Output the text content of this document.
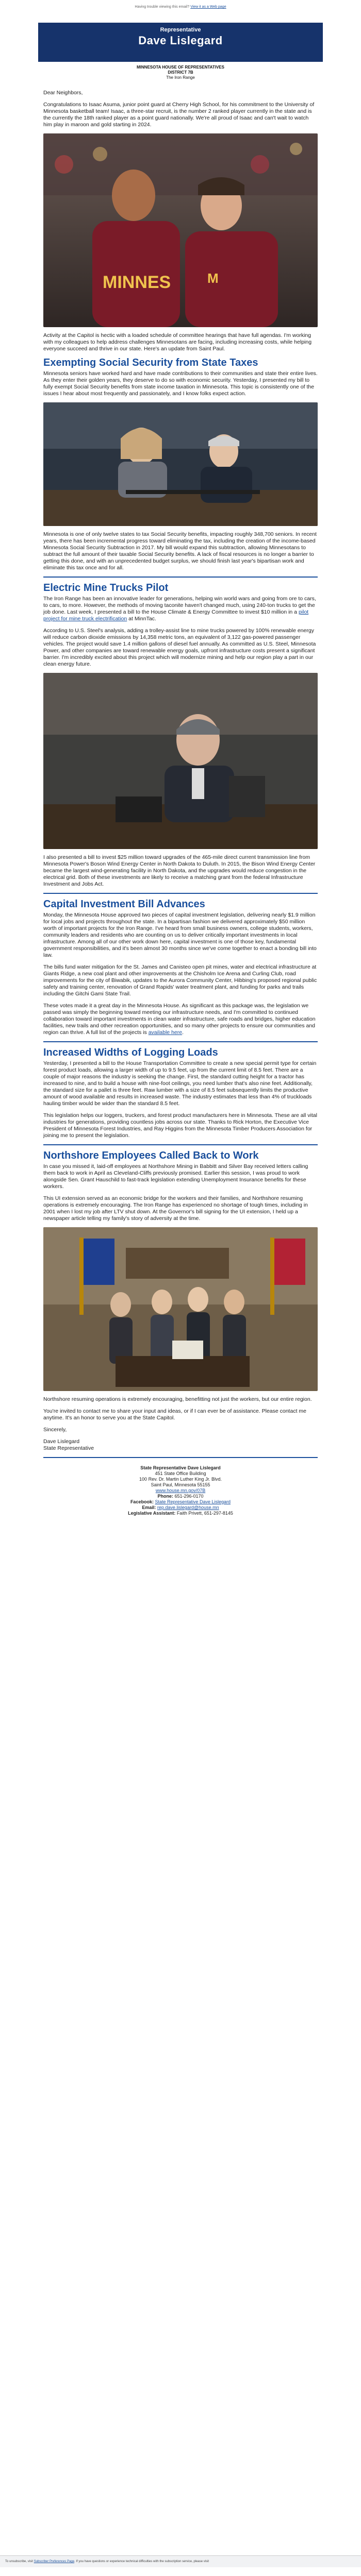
Having trouble viewing this email? View it as a Web page
Representative
Dave Lislegard
MINNESOTA HOUSE OF REPRESENTATIVES
DISTRICT 7B
The Iron Range

Dear Neighbors,

Congratulations to Isaac Asuma, junior point guard at Cherry High School, for his commitment to the University of Minnesota basketball team! Isaac, a three-star recruit, is the number 2 ranked player currently in the state and is the currently the 18th ranked player as a point guard nationally. We're all proud of Isaac and can't wait to watch him play in maroon and gold starting in 2024.

MINNES	M

Activity at the Capitol is hectic with a loaded schedule of committee hearings that have full agendas. I'm working with my colleagues to help address challenges Minnesotans are facing, including increasing costs, while helping everyone succeed and thrive in our state. Here's an update from Saint Paul.

Exempting Social Security from State Taxes

Minnesota seniors have worked hard and have made contributions to their communities and state their entire lives. As they enter their golden years, they deserve to do so with economic security. Yesterday, I presented my bill to fully exempt Social Security benefits from state income taxation in Minnesota. This topic is consistently one of the issues I hear about most frequently and passionately, and I know folks expect action.

Minnesota is one of only twelve states to tax Social Security benefits, impacting roughly 348,700 seniors. In recent years, there has been incremental progress toward eliminating the tax, including the creation of the income-based Minnesota Social Security Subtraction in 2017. My bill would expand this subtraction, allowing Minnesotans to subtract the full amount of their taxable Social Security benefits. A lack of fiscal resources is no longer a barrier to getting this done, and with an unprecedented budget surplus, we should finish last year's bipartisan work and eliminate this tax once and for all.

Electric Mine Trucks Pilot

The Iron Range has been an innovative leader for generations, helping win world wars and going from ore to cars, to cars, to more. However, the methods of moving taconite haven't changed much, using 240-ton trucks to get the job done. Last week, I presented a bill to the House Climate & Energy Committee to invest $10 million in a pilot project for mine truck electrification at MinnTac.

According to U.S. Steel's analysis, adding a trolley-assist line to mine trucks powered by 100% renewable energy will reduce carbon dioxide emissions by 14,358 metric tons, an equivalent of 3,122 gas-powered passenger vehicles. The project would save 1.4 million gallons of diesel fuel annually. As committed as U.S. Steel, Minnesota Power, and other companies are toward renewable energy goals, upfront infrastructure costs present a significant barrier. I'm incredibly excited about this project which will modernize mining and help our region play a part in our clean energy future.

I also presented a bill to invest $25 million toward upgrades of the 465-mile direct current transmission line from Minnesota Power's Boson Wind Energy Center in North Dakota to Duluth. In 2015, the Bison Wind Energy Center became the largest wind-generating facility in North Dakota, and the upgrades would reduce congestion in the electrical grid. Both of these investments are likely to receive a matching grant from the federal Infrastructure Investment and Jobs Act.

Capital Investment Bill Advances

Monday, the Minnesota House approved two pieces of capital investment legislation, delivering nearly $1.9 million for local jobs and projects throughout the state. In a bipartisan fashion we delivered approximately $50 million worth of important projects for the Iron Range. I've heard from small business owners, college students, workers, community leaders and residents who are counting on us to deliver critically important investments in local infrastructure. Among all of our other work down here, capital investment is one of those key, fundamental government responsibilities, and it's been almost 30 months since we've come together to enact a bonding bill into law.

The bills fund water mitigation for the St. James and Canisteo open pit mines, water and electrical infrastructure at Giants Ridge, a new coal plant and other improvements at the Chisholm Ice Arena and Curling Club, road improvements for the city of Biwabik, updates to the Aurora Community Center, Hibbing's proposed regional public safety and training center, renovation of Grand Rapids' water treatment plant, and funding for parks and trails including the Gitchi Gami State Trail.

These votes made it a great day in the Minnesota House. As significant as this package was, the legislation we passed was simply the beginning toward meeting our infrastructure needs, and I'm committed to continued collaboration toward important investments in clean water infrastructure, safe roads and bridges, higher education facilities, new trails and other recreation opportunities, and so many other projects to ensure our communities and region can thrive. A full list of the projects is available here.

Increased Widths of Logging Loads

Yesterday, I presented a bill to the House Transportation Committee to create a new special permit type for certain forest product loads, allowing a larger width of up to 9.5 feet, up from the current limit of 8.5 feet. There are a couple of major reasons the industry is seeking the change. First, the standard cutting height for a tractor has increased to nine, and to build a house with nine-foot ceilings, you need lumber that's also nine feet. Additionally, the standard size for a pallet is three feet. Raw lumber with a size of 8.5 feet subsequently limits the productive amount of wood available and results in increased waste. The industry estimates that less than 4% of truckloads hauling timber would be wider than the standard 8.5 feet.

This legislation helps our loggers, truckers, and forest product manufacturers here in Minnesota. These are all vital industries for generations, providing countless jobs across our state. Thanks to Rick Horton, the Executive Vice President of Minnesota Forest Industries, and Ray Higgins from the Minnesota Timber Producers Association for joining me to present the legislation.

Northshore Employees Called Back to Work

In case you missed it, laid-off employees at Northshore Mining in Babbitt and Silver Bay received letters calling them back to work in April as Cleveland-Cliffs previously promised. Earlier this session, I was proud to work alongside Sen. Grant Hauschild to fast-track legislation extending Unemployment Insurance benefits for these workers.

This UI extension served as an economic bridge for the workers and their families, and Northshore resuming operations is extremely encouraging. The Iron Range has experienced no shortage of tough times, including in 2001 when I lost my job after LTV shut down. At the Governor's bill signing for the UI extension, I held up a newspaper article telling my family's story of adversity at the time.

Northshore resuming operations is extremely encouraging, benefitting not just the workers, but our entire region.

You're invited to contact me to share your input and ideas, or if I can ever be of assistance. Please contact me anytime. It's an honor to serve you at the State Capitol.

Sincerely,

Dave Lislegard

State Representative

State Representative Dave Lislegard
451 State Office Building
100 Rev. Dr. Martin Luther King Jr. Blvd.
Saint Paul, Minnesota 55155
www.house.mn.gov/07B
Phone: 651-296-0170
Facebook: State Representative Dave Lislegard
Email: rep.dave.lislegard@house.mn
Legislative Assistant: Faith Privett, 651-297-8145
To unsubscribe, visit Subscriber Preferences Page. If you have questions or experience technical difficulties with the subscription service, please visit
